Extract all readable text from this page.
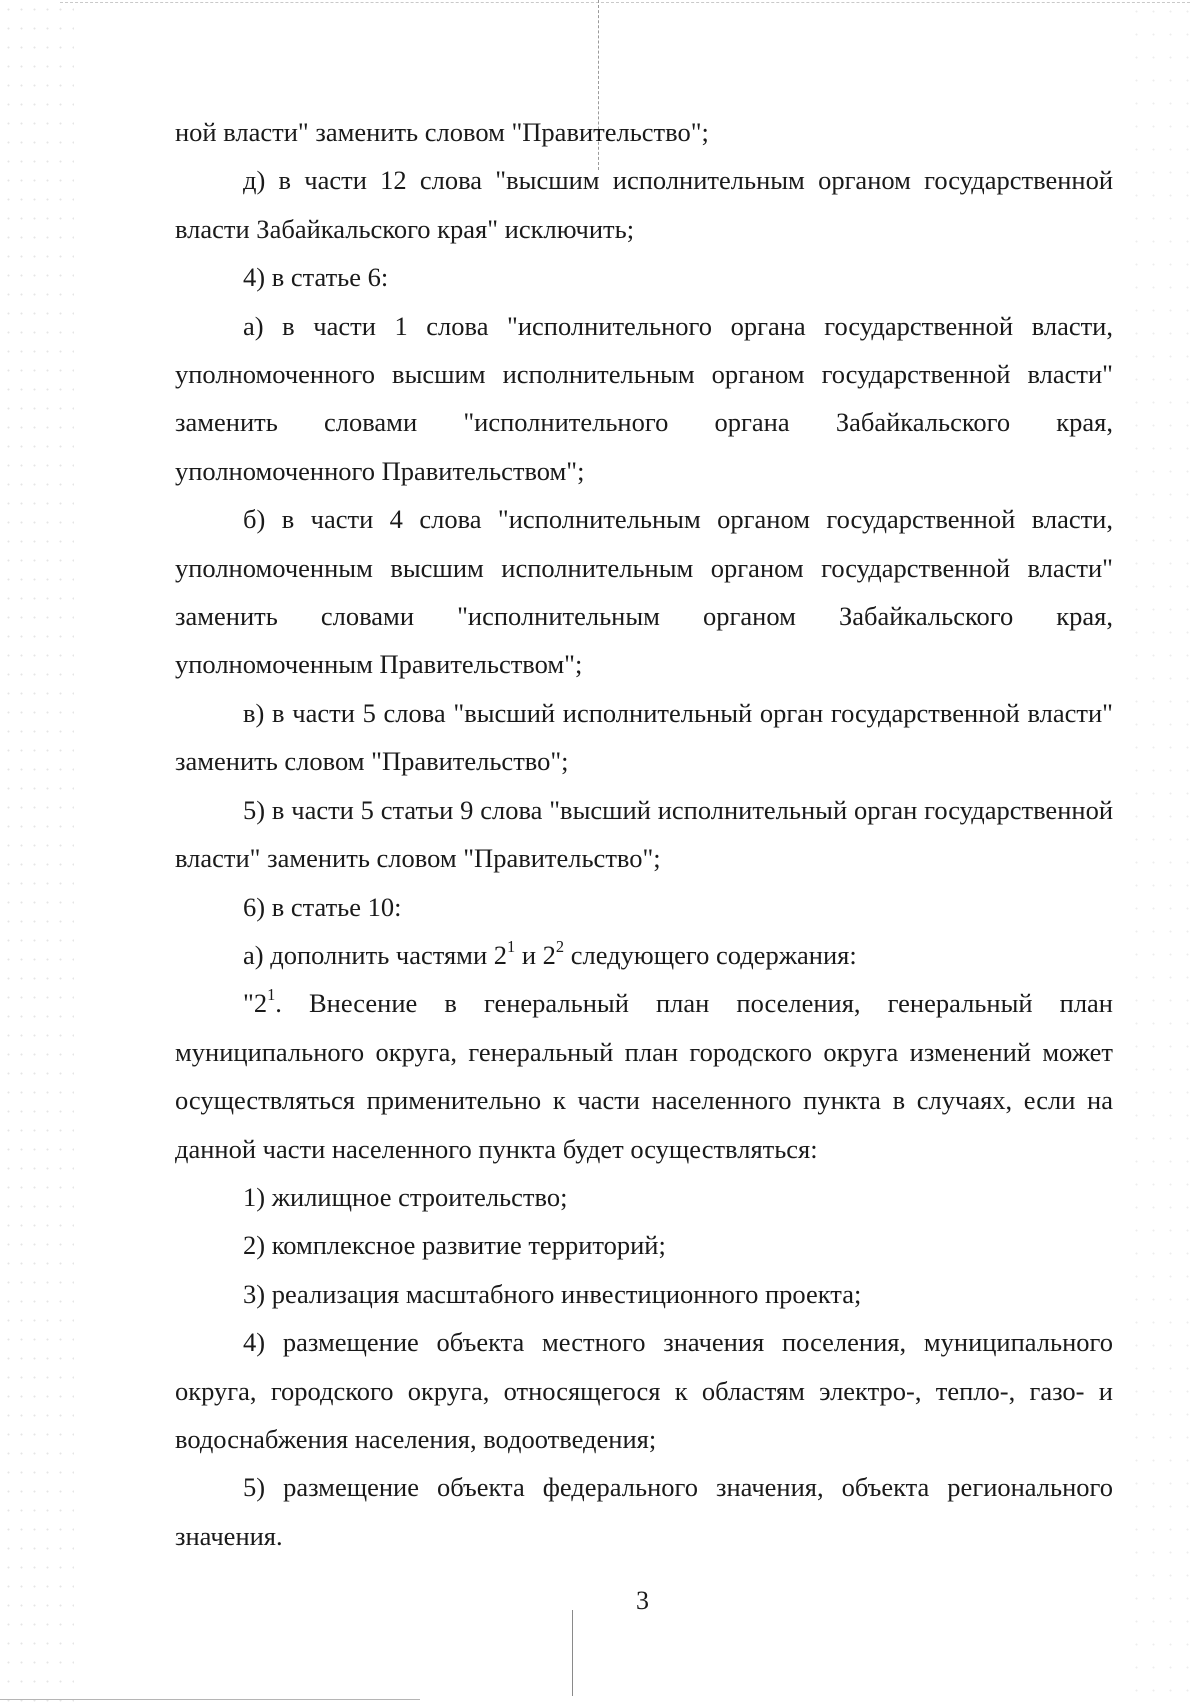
ной власти" заменить словом "Правительство";

д) в части 12 слова "высшим исполнительным органом государственной власти Забайкальского края" исключить;

4) в статье 6:

а) в части 1 слова "исполнительного органа государственной власти, уполномоченного высшим исполнительным органом государственной власти" заменить словами "исполнительного органа Забайкальского края, уполномоченного Правительством";

б) в части 4 слова "исполнительным органом государственной власти, уполномоченным высшим исполнительным органом государственной власти" заменить словами "исполнительным органом Забайкальского края, уполномоченным Правительством";

в) в части 5 слова "высший исполнительный орган государственной власти" заменить словом "Правительство";

5) в части 5 статьи 9 слова "высший исполнительный орган государственной власти" заменить словом "Правительство";

6) в статье 10:

а) дополнить частями $2^1$ и $2^2$ следующего содержания:

"$2^1$. Внесение в генеральный план поселения, генеральный план муниципального округа, генеральный план городского округа изменений может осуществляться применительно к части населенного пункта в случаях, если на данной части населенного пункта будет осуществляться:

1) жилищное строительство;

2) комплексное развитие территорий;

3) реализация масштабного инвестиционного проекта;

4) размещение объекта местного значения поселения, муниципального округа, городского округа, относящегося к областям электро-, тепло-, газо- и водоснабжения населения, водоотведения;

5) размещение объекта федерального значения, объекта регионального значения.

3
